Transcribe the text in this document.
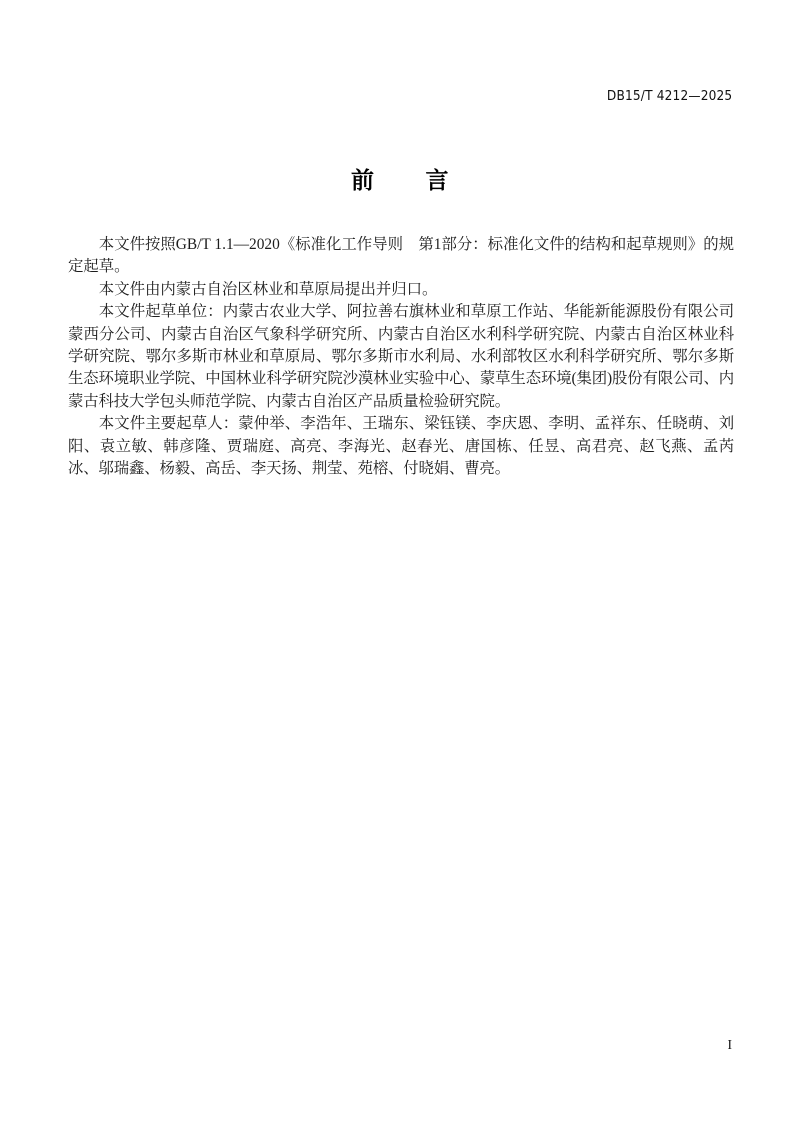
DB15/T 4212—2025
前      言

本文件按照GB/T 1.1—2020《标准化工作导则　第1部分：标准化文件的结构和起草规则》的规定起草。

本文件由内蒙古自治区林业和草原局提出并归口。

本文件起草单位：内蒙古农业大学、阿拉善右旗林业和草原工作站、华能新能源股份有限公司蒙西分公司、内蒙古自治区气象科学研究所、内蒙古自治区水利科学研究院、内蒙古自治区林业科学研究院、鄂尔多斯市林业和草原局、鄂尔多斯市水利局、水利部牧区水利科学研究所、鄂尔多斯生态环境职业学院、中国林业科学研究院沙漠林业实验中心、蒙草生态环境(集团)股份有限公司、内蒙古科技大学包头师范学院、内蒙古自治区产品质量检验研究院。

本文件主要起草人：蒙仲举、李浩年、王瑞东、梁钰镁、李庆恩、李明、孟祥东、任晓萌、刘阳、袁立敏、韩彦隆、贾瑞庭、高亮、李海光、赵春光、唐国栋、任昱、高君亮、赵飞燕、孟芮冰、邬瑞鑫、杨毅、高岳、李天扬、荆莹、苑榕、付晓娟、曹亮。

I
